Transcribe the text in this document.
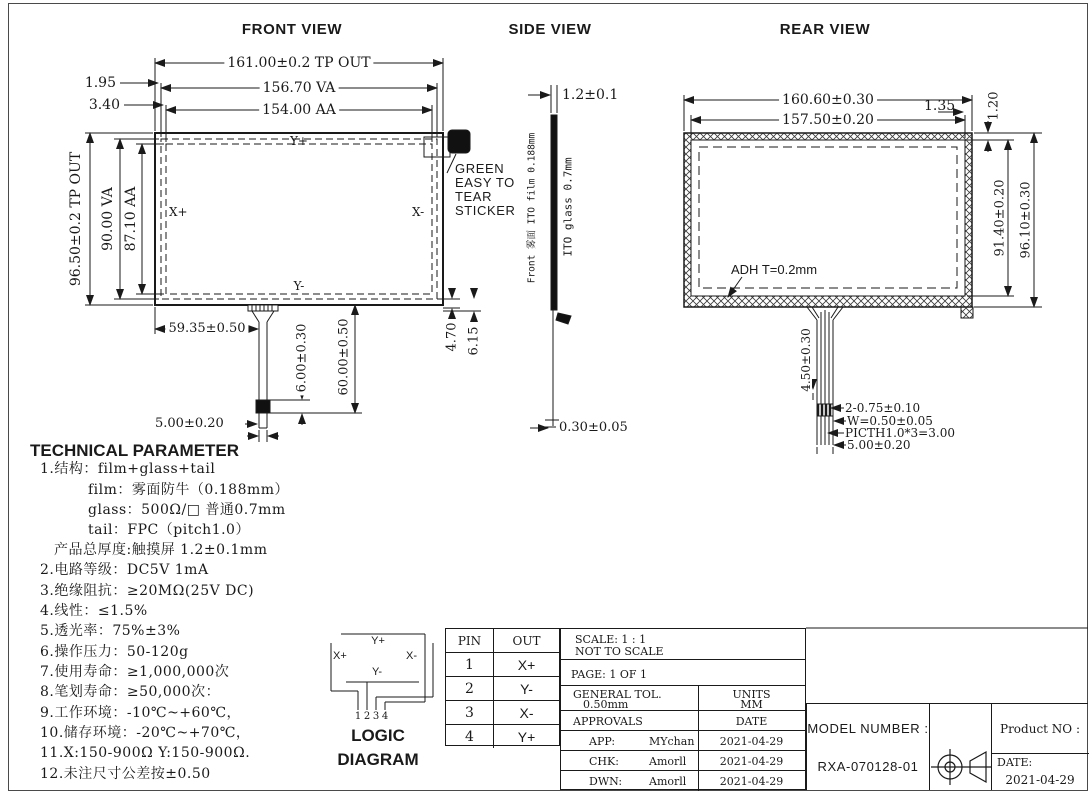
FRONT VIEW	SIDE VIEW	REAR VIEW
161.00±0.2 TP OUT
156.70 VA
154.00 AA
1.95
3.40
96.50±0.2 TP OUT 90.00 VA 87.10 AA
Y+
Y-
X+	X-
GREEN
EASY TO
TEAR
STICKER
59.35±0.50	6.00±0.30 60.00±0.50
5.00±0.20
4.70 6.15
1.2±0.1
Front 雾面 ITO film 0.188mm ITO glass 0.7mm
0.30±0.05
160.60±0.30
157.50±0.20
1.35 1.20
91.40±0.20 96.10±0.30
ADH T=0.2mm
4.50±0.30
2-0.75±0.10
W=0.50±0.05
PICTH1.0*3=3.00
5.00±0.20
TECHNICAL PARAMETER
1.结构：film+glass+tail
film：雾面防牛（0.188mm）
glass：500Ω/□ 普通0.7mm
tail：FPC（pitch1.0）
产品总厚度:触摸屏 1.2±0.1mm
2.电路等级：DC5V 1mA
3.绝缘阻抗：≥20MΩ(25V DC)
4.线性：≤1.5%
5.透光率：75%±3%
6.操作压力：50-120g
7.使用寿命：≥1,000,000次
8.笔划寿命：≥50,000次：
9.工作环境：-10℃~+60℃，
10.储存环境：-20℃~+70℃，
11.X:150-900Ω Y:150-900Ω.
12.未注尺寸公差按±0.50
Y+
X+	X-
Y-
1 2 3 4
LOGIC
DIAGRAM
PIN	OUT
1	X+
2	Y-
3	X-
4	Y+
SCALE: 1 : 1
NOT TO SCALE
PAGE: 1 OF 1
GENERAL TOL.
0.50mm
UNITS
MM
APPROVALS	DATE
APP:	MYchan	2021-04-29
CHK:	Amorll	2021-04-29
DWN: Amorll	2021-04-29
MODEL NUMBER :
RXA-070128-01
Product NO :
DATE:
2021-04-29
